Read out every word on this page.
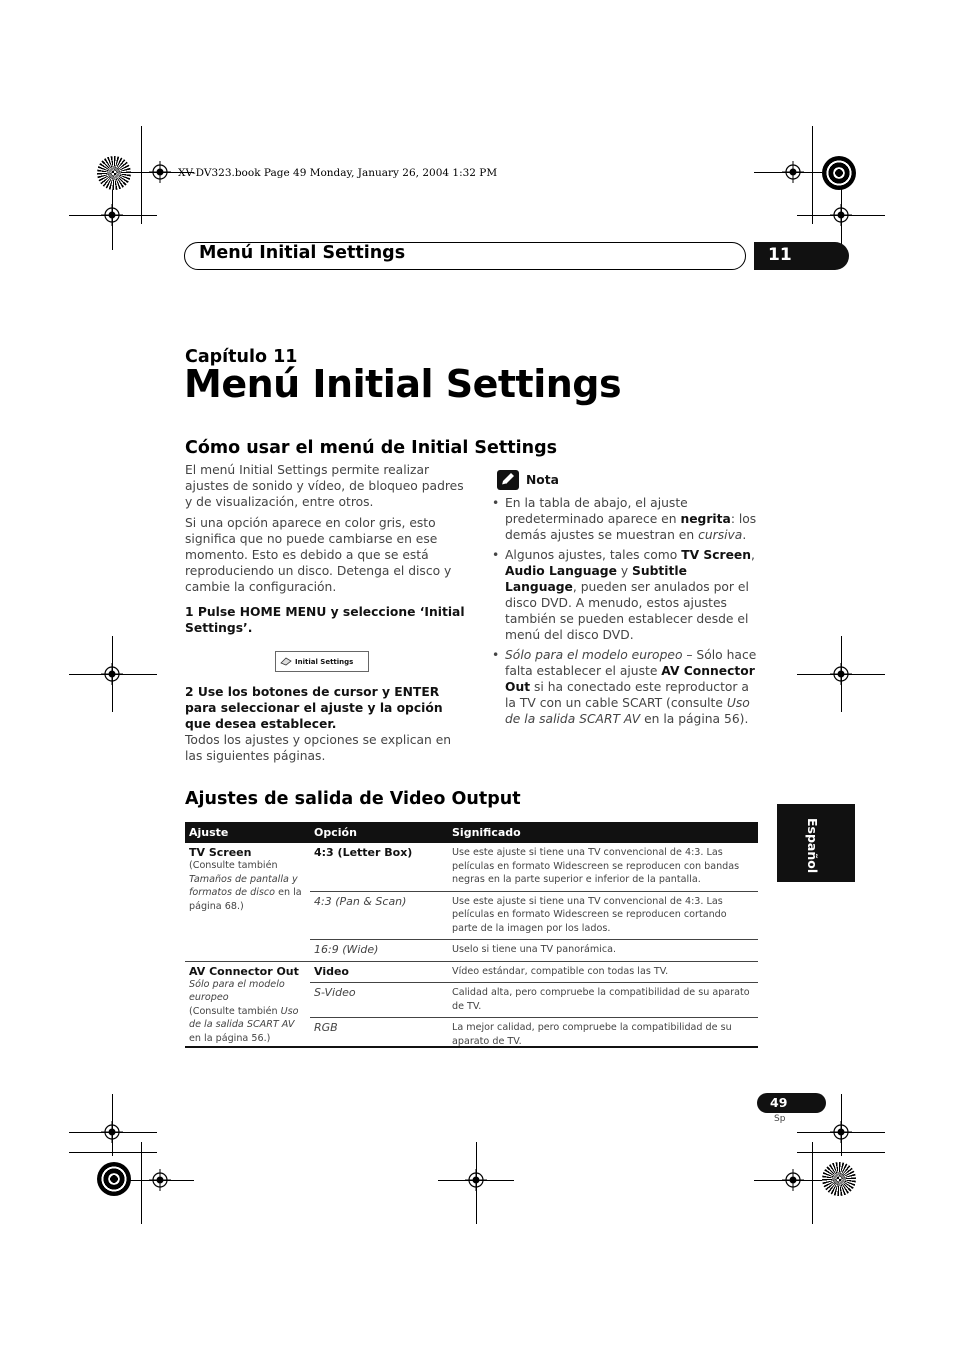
XV-DV323.book Page 49 Monday, January 26, 2004 1:32 PM
Menú Initial Settings	11
Capítulo 11
Menú Initial Settings
Cómo usar el menú de Initial Settings
El menú Initial Settings permite realizar ajustes de sonido y vídeo, de bloqueo padres y de visualización, entre otros.
Si una opción aparece en color gris, esto significa que no puede cambiarse en ese momento. Esto es debido a que se está reproduciendo un disco. Detenga el disco y cambie la configuración.
1 Pulse HOME MENU y seleccione ‘Initial Settings’.
Initial Settings
2 Use los botones de cursor y ENTER para seleccionar el ajuste y la opción que desea establecer.
Todos los ajustes y opciones se explican en las siguientes páginas.
Nota
• En la tabla de abajo, el ajuste predeterminado aparece en negrita: los demás ajustes se muestran en cursiva.
• Algunos ajustes, tales como TV Screen, Audio Language y Subtitle Language, pueden ser anulados por el disco DVD. A menudo, estos ajustes también se pueden establecer desde el menú del disco DVD.
• Sólo para el modelo europeo – Sólo hace falta establecer el ajuste AV Connector Out si ha conectado este reproductor a la TV con un cable SCART (consulte Uso de la salida SCART AV en la página 56).
Ajustes de salida de Video Output
Ajuste	Opción	Significado

TV Screen
(Consulte también Tamaños de pantalla y formatos de disco en la página 68.)	4:3 (Letter Box)	Use este ajuste si tiene una TV convencional de 4:3. Las películas en formato Widescreen se reproducen con bandas negras en la parte superior e inferior de la pantalla.
	4:3 (Pan & Scan)	Use este ajuste si tiene una TV convencional de 4:3. Las películas en formato Widescreen se reproducen cortando parte de la imagen por los lados.
	16:9 (Wide)	Uselo si tiene una TV panorámica.

AV Connector Out
Sólo para el modelo europeo
(Consulte también Uso de la salida SCART AV en la página 56.)	Video	Vídeo estándar, compatible con todas las TV.
	S-Video	Calidad alta, pero compruebe la compatibilidad de su aparato de TV.
	RGB	La mejor calidad, pero compruebe la compatibilidad de su aparato de TV.
Español
49
Sp
